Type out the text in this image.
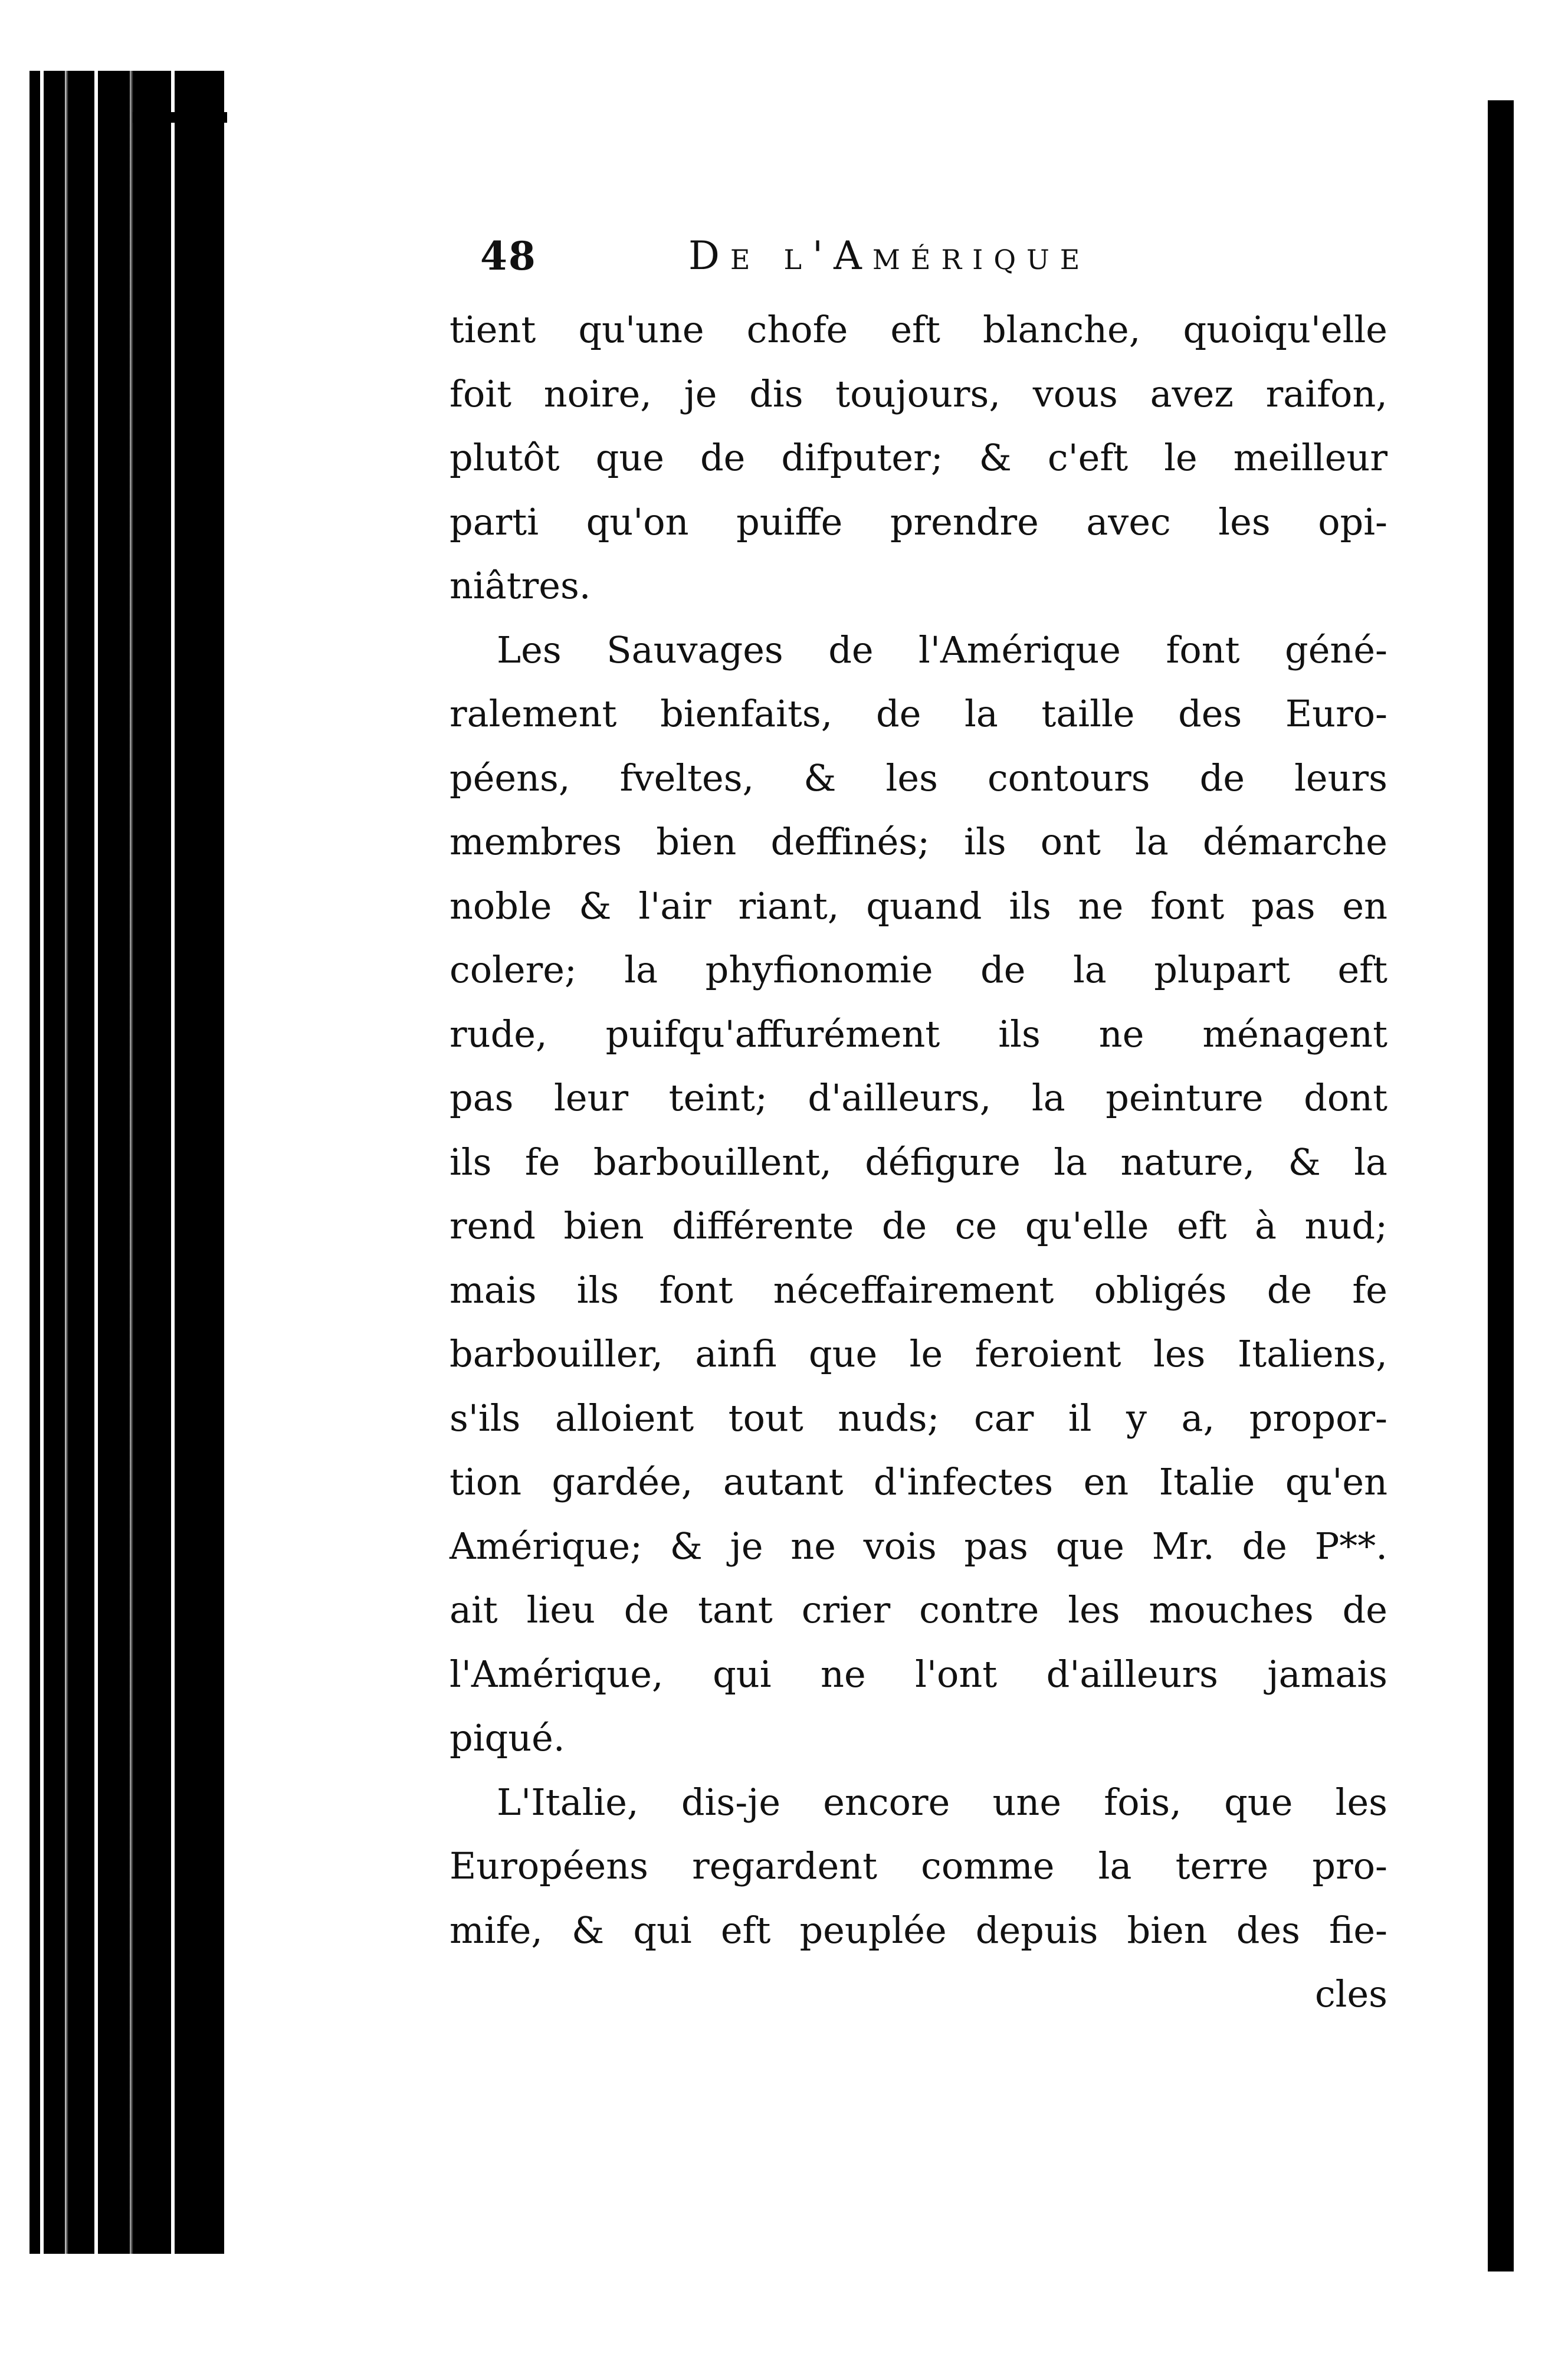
48	De l'Amérique
tient qu'une chofe eft blanche, quoiqu'elle
foit noire, je dis toujours, vous avez raifon,
plutôt que de difputer; & c'eft le meilleur
parti qu'on puiffe prendre avec les opi-
niâtres.
Les Sauvages de l'Amérique font géné-
ralement bienfaits, de la taille des Euro-
péens, fveltes, & les contours de leurs
membres bien deffinés; ils ont la démarche
noble & l'air riant, quand ils ne font pas en
colere; la phyfionomie de la plupart eft
rude, puifqu'affurément ils ne ménagent
pas leur teint; d'ailleurs, la peinture dont
ils fe barbouillent, défigure la nature, & la
rend bien différente de ce qu'elle eft à nud;
mais ils font néceffairement obligés de fe
barbouiller, ainfi que le feroient les Italiens,
s'ils alloient tout nuds; car il y a, propor-
tion gardée, autant d'infectes en Italie qu'en
Amérique; & je ne vois pas que Mr. de P**.
ait lieu de tant crier contre les mouches de
l'Amérique, qui ne l'ont d'ailleurs jamais
piqué.
L'Italie, dis-je encore une fois, que les
Européens regardent comme la terre pro-
mife, & qui eft peuplée depuis bien des fie-
cles
